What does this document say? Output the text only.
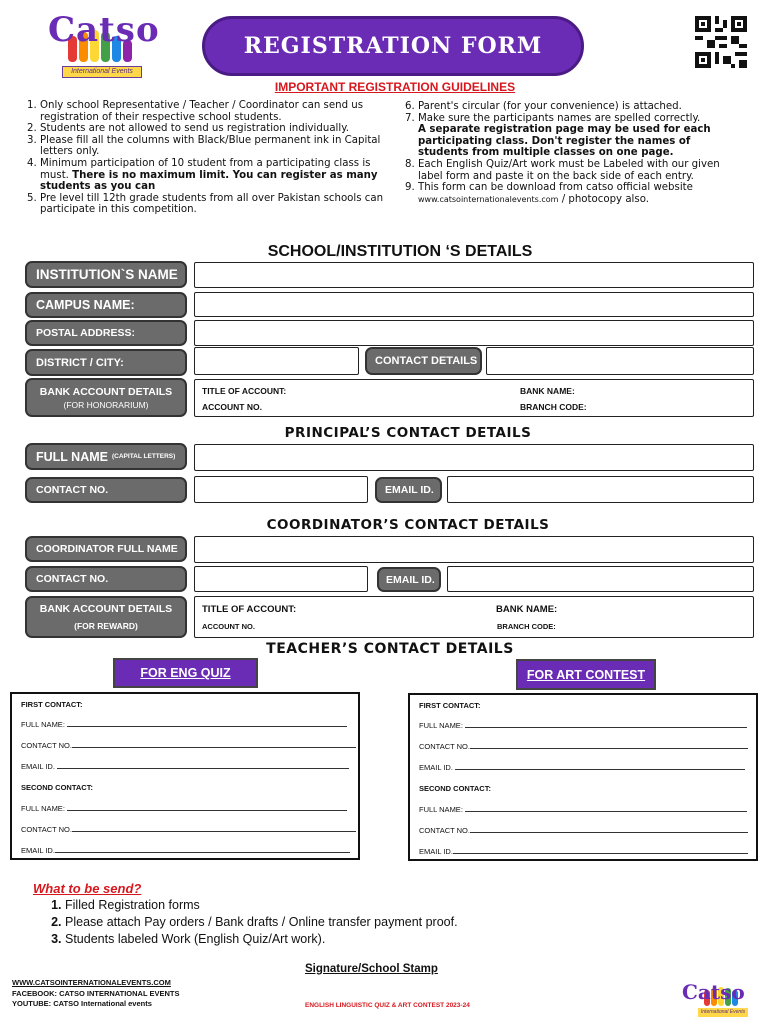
Catso
International Events
REGISTRATION FORM
IMPORTANT REGISTRATION GUIDELINES
1. Only school Representative / Teacher / Coordinator can send us registration of their respective school students.
2. Students are not allowed to send us registration individually.
3. Please fill all the columns with Black/Blue permanent ink in Capital letters only.
4. Minimum participation of 10 student from a participating class is must. There is no maximum limit. You can register as many students as you can
5. Pre level till 12th grade students from all over Pakistan schools can participate in this competition.
6. Parent's circular (for your convenience) is attached.
7. Make sure the participants names are spelled correctly.
A separate registration page may be used for each participating class. Don't register the names of students from multiple classes on one page.
8. Each English Quiz/Art work must be Labeled with our given label form and paste it on the back side of each entry.
9. This form can be download from catso official website
www.catsointernationalevents.com / photocopy also.
SCHOOL/INSTITUTION ‘S DETAILS
INSTITUTION`S NAME
CAMPUS NAME:
POSTAL ADDRESS:
DISTRICT / CITY:	CONTACT DETAILS
BANK ACCOUNT DETAILS
(FOR HONORARIUM)
TITLE OF ACCOUNT:	BANK NAME:
ACCOUNT NO.	BRANCH CODE:
PRINCIPAL’S CONTACT DETAILS
FULL NAME (CAPITAL LETTERS)
CONTACT NO.	EMAIL ID.
COORDINATOR’S CONTACT DETAILS
COORDINATOR FULL NAME
CONTACT NO.	EMAIL ID.
BANK ACCOUNT DETAILS
(FOR REWARD)
TITLE OF ACCOUNT:	BANK NAME:
ACCOUNT NO.	BRANCH CODE:
TEACHER’S CONTACT DETAILS
FOR ENG QUIZ	FOR ART CONTEST
FIRST CONTACT:
FULL NAME:
CONTACT NO.
EMAIL ID.
SECOND CONTACT:
FULL NAME:
CONTACT NO.
EMAIL ID.
FIRST CONTACT:
FULL NAME:
CONTACT NO.
EMAIL ID.
SECOND CONTACT:
FULL NAME:
CONTACT NO.
EMAIL ID.
What to be send?
1. Filled Registration forms
2. Please attach Pay orders / Bank drafts / Online transfer payment proof.
3. Students labeled Work (English Quiz/Art work).
Signature/School Stamp
WWW.CATSOINTERNATIONALEVENTS.COM
FACEBOOK: CATSO INTERNATIONAL EVENTS
YOUTUBE: CATSO International events	ENGLISH LINGUISTIC QUIZ & ART CONTEST 2023-24
Catso
International Events
